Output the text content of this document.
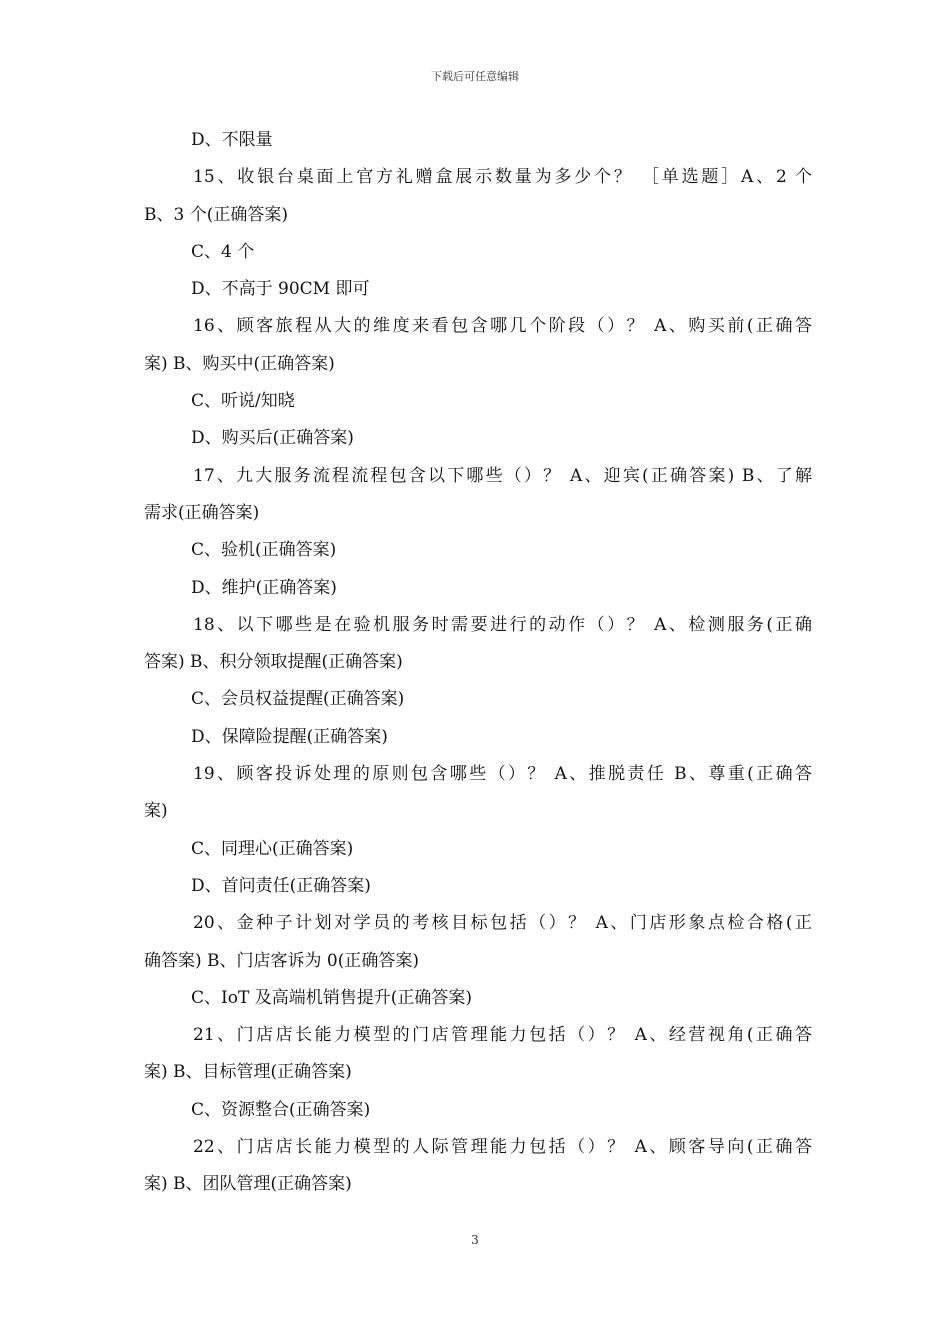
下载后可任意编辑
D、不限量
15、收银台桌面上官方礼赠盒展示数量为多少个？ ［单选题］A、2 个
B、3 个(正确答案)
C、4 个
D、不高于 90CM 即可
16、顾客旅程从大的维度来看包含哪几个阶段（）？ A、购买前(正确答
案) B、购买中(正确答案)
C、听说/知晓
D、购买后(正确答案)
17、九大服务流程流程包含以下哪些（）？ A、迎宾(正确答案) B、了解
需求(正确答案)
C、验机(正确答案)
D、维护(正确答案)
18、以下哪些是在验机服务时需要进行的动作（）？ A、检测服务(正确
答案) B、积分领取提醒(正确答案)
C、会员权益提醒(正确答案)
D、保障险提醒(正确答案)
19、顾客投诉处理的原则包含哪些（）？ A、推脱责任 B、尊重(正确答
案)
C、同理心(正确答案)
D、首问责任(正确答案)
20、金种子计划对学员的考核目标包括（）？ A、门店形象点检合格(正
确答案) B、门店客诉为 0(正确答案)
C、IoT 及高端机销售提升(正确答案)
21、门店店长能力模型的门店管理能力包括（）？ A、经营视角(正确答
案) B、目标管理(正确答案)
C、资源整合(正确答案)
22、门店店长能力模型的人际管理能力包括（）？ A、顾客导向(正确答
案) B、团队管理(正确答案)
3
